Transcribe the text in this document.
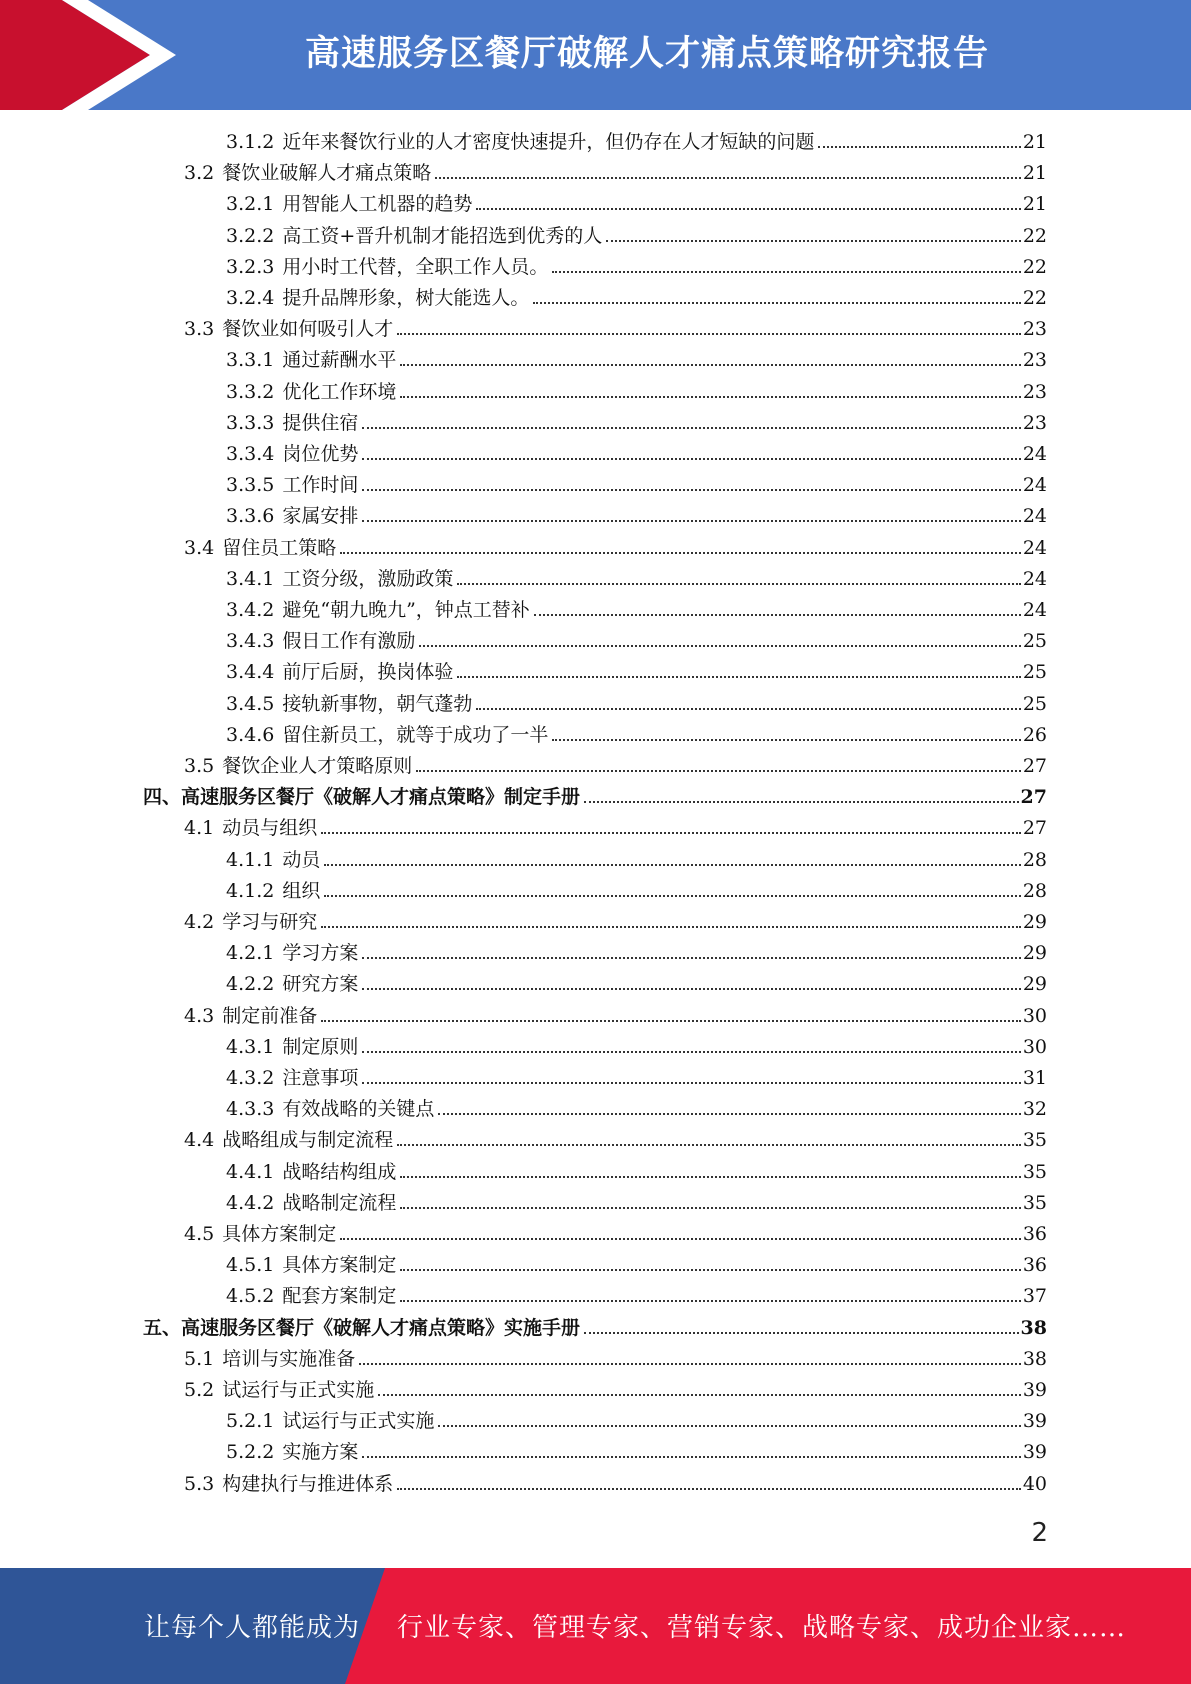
高速服务区餐厅破解人才痛点策略研究报告
3.1.2 近年来餐饮行业的人才密度快速提升，但仍存在人才短缺的问题	21
3.2 餐饮业破解人才痛点策略	21
3.2.1 用智能人工机器的趋势	21
3.2.2 高工资+晋升机制才能招选到优秀的人	22
3.2.3 用小时工代替，全职工作人员。	22
3.2.4 提升品牌形象，树大能选人。	22
3.3 餐饮业如何吸引人才	23
3.3.1 通过薪酬水平	23
3.3.2 优化工作环境	23
3.3.3 提供住宿	23
3.3.4 岗位优势	24
3.3.5 工作时间	24
3.3.6 家属安排	24
3.4 留住员工策略	24
3.4.1 工资分级，激励政策	24
3.4.2 避免“朝九晚九”，钟点工替补	24
3.4.3 假日工作有激励	25
3.4.4 前厅后厨，换岗体验	25
3.4.5 接轨新事物，朝气蓬勃	25
3.4.6 留住新员工，就等于成功了一半	26
3.5 餐饮企业人才策略原则	27
四、高速服务区餐厅《破解人才痛点策略》制定手册	27
4.1 动员与组织	27
4.1.1 动员	28
4.1.2 组织	28
4.2 学习与研究	29
4.2.1 学习方案	29
4.2.2 研究方案	29
4.3 制定前准备	30
4.3.1 制定原则	30
4.3.2 注意事项	31
4.3.3 有效战略的关键点	32
4.4 战略组成与制定流程	35
4.4.1 战略结构组成	35
4.4.2 战略制定流程	35
4.5 具体方案制定	36
4.5.1 具体方案制定	36
4.5.2 配套方案制定	37
五、高速服务区餐厅《破解人才痛点策略》实施手册	38
5.1 培训与实施准备	38
5.2 试运行与正式实施	39
5.2.1 试运行与正式实施	39
5.2.2 实施方案	39
5.3 构建执行与推进体系	40
2
让每个人都能成为 行业专家、管理专家、营销专家、战略专家、成功企业家……
